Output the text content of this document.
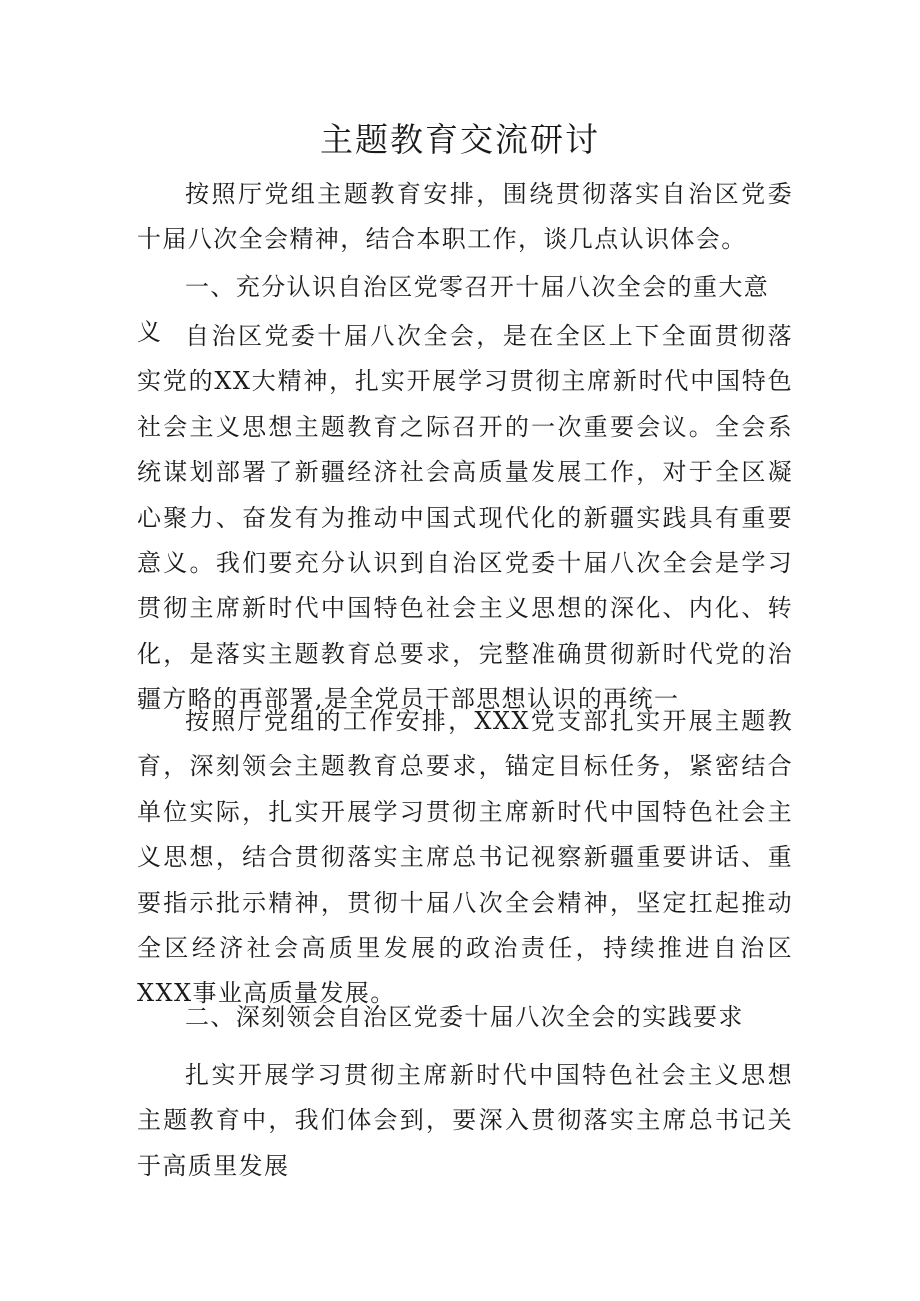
主题教育交流研讨

按照厅党组主题教育安排，围绕贯彻落实自治区党委十届八次全会精神，结合本职工作，谈几点认识体会。

一、充分认识自治区党零召开十届八次全会的重大意义 自治区党委十届八次全会，是在全区上下全面贯彻落实党的XX大精神，扎实开展学习贯彻主席新时代中国特色社会主义思想主题教育之际召开的一次重要会议。全会系统谋划部署了新疆经济社会高质量发展工作，对于全区凝心聚力、奋发有为推动中国式现代化的新疆实践具有重要意义。我们要充分认识到自治区党委十届八次全会是学习贯彻主席新时代中国特色社会主义思想的深化、内化、转化，是落实主题教育总要求，完整准确贯彻新时代党的治疆方略的再部署,是全党员干部思想认识的再统一

按照厅党组的工作安排，XXX党支部扎实开展主题教育，深刻领会主题教育总要求，锚定目标任务，紧密结合单位实际，扎实开展学习贯彻主席新时代中国特色社会主义思想，结合贯彻落实主席总书记视察新疆重要讲话、重要指示批示精神，贯彻十届八次全会精神，坚定扛起推动全区经济社会高质里发展的政治责任，持续推进自治区XXX事业高质量发展。

二、深刻领会自治区党委十届八次全会的实践要求

扎实开展学习贯彻主席新时代中国特色社会主义思想主题教育中，我们体会到，要深入贯彻落实主席总书记关于高质里发展
